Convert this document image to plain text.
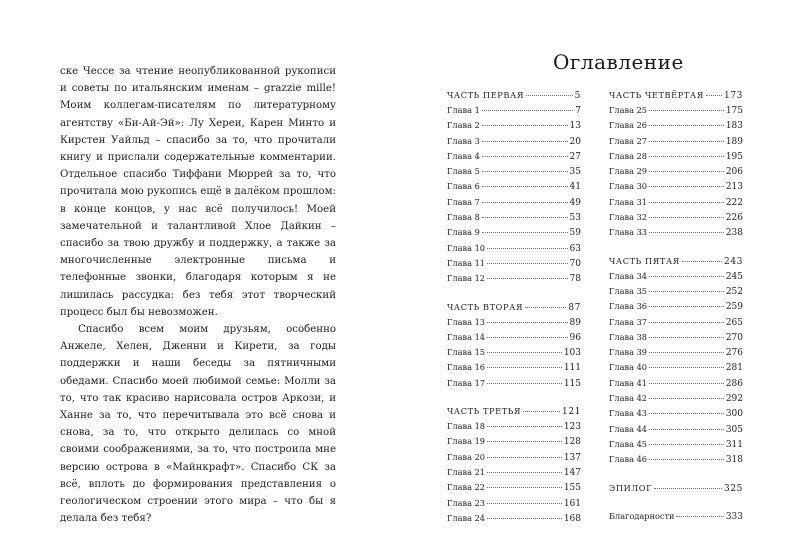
ске Чессе за чтение неопубликованной рукописи и советы по итальянским именам – grazzie mille! Моим коллегам-писателям по литературному агентству «Би-Ай-Эй»: Лу Хереи, Карен Минто и Кирстен Уайльд – спасибо за то, что прочитали книгу и прислали содержательные комментарии. Отдельное спасибо Тиффани Мюррей за то, что прочитала мою рукопись ещё в далёком прошлом: в конце концов, у нас всё получилось! Моей замечательной и талантливой Хлое Дайкин – спасибо за твою дружбу и поддержку, а также за многочисленные электронные письма и телефонные звонки, благодаря которым я не лишилась рассудка: без тебя этот творческий процесс был бы невозможен.

Спасибо всем моим друзьям, особенно Анжеле, Хелен, Дженни и Кирети, за годы поддержки и наши беседы за пятничными обедами. Спасибо моей любимой семье: Молли за то, что так красиво нарисовала остров Аркози, и Ханне за то, что перечитывала это всё снова и снова, за то, что открыто делилась со мной своими соображениями, за то, что построила мне версию острова в «Майнкрафт». Спасибо СК за всё, вплоть до формирования представления о геологическом строении этого мира – что бы я делала без тебя?

Оглавление
ЧАСТЬ ПЕРВАЯ	5
Глава 1	7
Глава 2	13
Глава 3	20
Глава 4	27
Глава 5	35
Глава 6	41
Глава 7	49
Глава 8	53
Глава 9	59
Глава 10	63
Глава 11	70
Глава 12	78
ЧАСТЬ ВТОРАЯ	87
Глава 13	89
Глава 14	96
Глава 15	103
Глава 16	111
Глава 17	115
ЧАСТЬ ТРЕТЬЯ	121
Глава 18	123
Глава 19	128
Глава 20	137
Глава 21	147
Глава 22	155
Глава 23	161
Глава 24	168
ЧАСТЬ ЧЕТВЁРТАЯ 173
Глава 25	175
Глава 26	183
Глава 27	189
Глава 28	195
Глава 29	206
Глава 30	213
Глава 31	222
Глава 32	226
Глава 33	238
ЧАСТЬ ПЯТАЯ	243
Глава 34	245
Глава 35	252
Глава 36	259
Глава 37	265
Глава 38	270
Глава 39	276
Глава 40	281
Глава 41	286
Глава 42	292
Глава 43	300
Глава 44	305
Глава 45	311
Глава 46	318
ЭПИЛОГ	325
Благодарности	333
